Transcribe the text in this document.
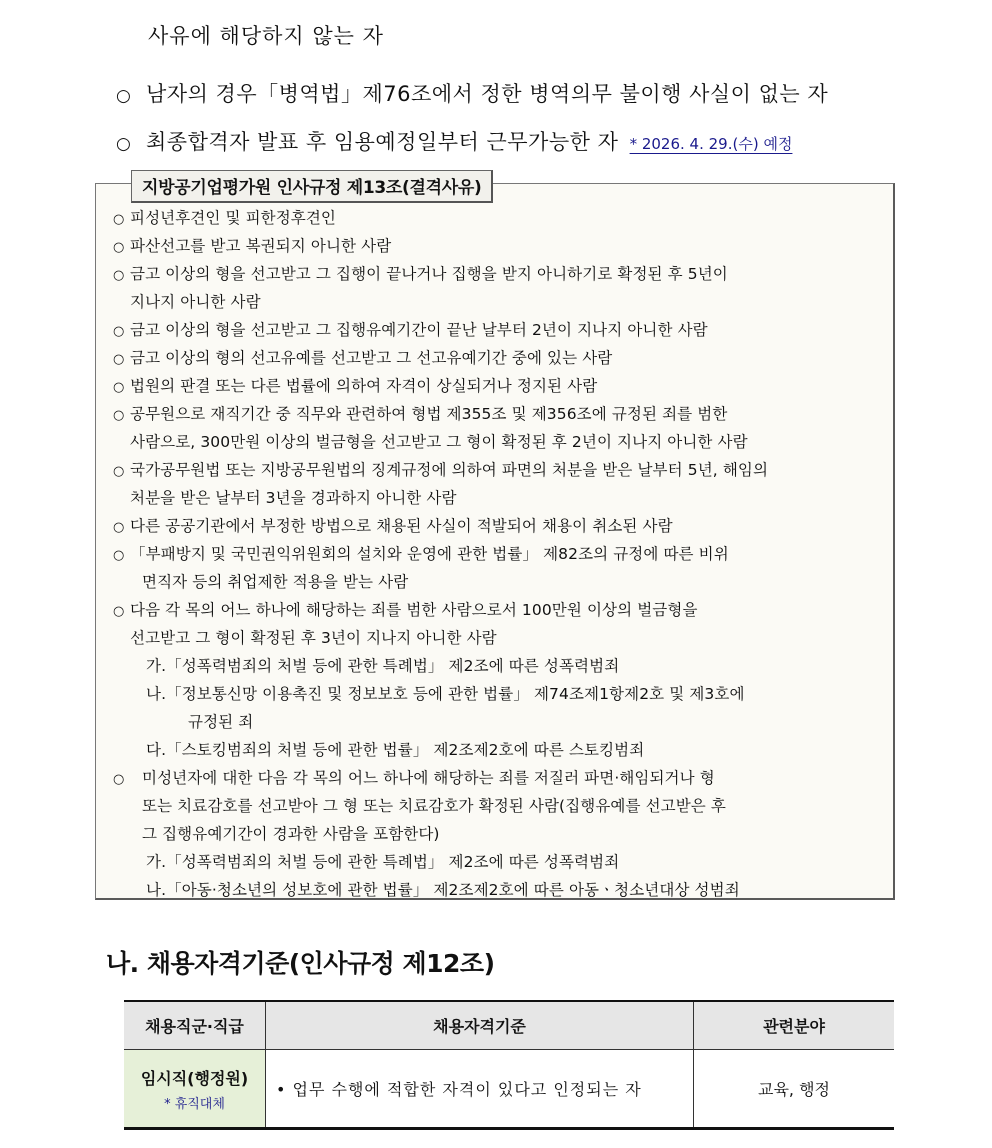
사유에 해당하지 않는 자
○ 남자의 경우「병역법」제76조에서 정한 병역의무 불이행 사실이 없는 자
○ 최종합격자 발표 후 임용예정일부터 근무가능한 자 * 2026. 4. 29.(수) 예정
지방공기업평가원 인사규정 제13조(결격사유)
○ 피성년후견인 및 피한정후견인
○ 파산선고를 받고 복권되지 아니한 사람
○ 금고 이상의 형을 선고받고 그 집행이 끝나거나 집행을 받지 아니하기로 확정된 후 5년이
지나지 아니한 사람
○ 금고 이상의 형을 선고받고 그 집행유예기간이 끝난 날부터 2년이 지나지 아니한 사람
○ 금고 이상의 형의 선고유예를 선고받고 그 선고유예기간 중에 있는 사람
○ 법원의 판결 또는 다른 법률에 의하여 자격이 상실되거나 정지된 사람
○ 공무원으로 재직기간 중 직무와 관련하여 형법 제355조 및 제356조에 규정된 죄를 범한
사람으로, 300만원 이상의 벌금형을 선고받고 그 형이 확정된 후 2년이 지나지 아니한 사람
○ 국가공무원법 또는 지방공무원법의 징계규정에 의하여 파면의 처분을 받은 날부터 5년, 해임의
처분을 받은 날부터 3년을 경과하지 아니한 사람
○ 다른 공공기관에서 부정한 방법으로 채용된 사실이 적발되어 채용이 취소된 사람
○ 「부패방지 및 국민권익위원회의 설치와 운영에 관한 법률」 제82조의 규정에 따른 비위
면직자 등의 취업제한 적용을 받는 사람
○ 다음 각 목의 어느 하나에 해당하는 죄를 범한 사람으로서 100만원 이상의 벌금형을
선고받고 그 형이 확정된 후 3년이 지나지 아니한 사람
가.「성폭력범죄의 처벌 등에 관한 특례법」 제2조에 따른 성폭력범죄
나.「정보통신망 이용촉진 및 정보보호 등에 관한 법률」 제74조제1항제2호 및 제3호에
규정된 죄
다.「스토킹범죄의 처벌 등에 관한 법률」 제2조제2호에 따른 스토킹범죄
○ 미성년자에 대한 다음 각 목의 어느 하나에 해당하는 죄를 저질러 파면·해임되거나 형
또는 치료감호를 선고받아 그 형 또는 치료감호가 확정된 사람(집행유예를 선고받은 후
그 집행유예기간이 경과한 사람을 포함한다)
가.「성폭력범죄의 처벌 등에 관한 특례법」 제2조에 따른 성폭력범죄
나.「아동·청소년의 성보호에 관한 법률」 제2조제2호에 따른 아동ㆍ청소년대상 성범죄
나. 채용자격기준(인사규정 제12조)
채용직군·직급	채용자격기준	관련분야

임시직(행정원)
* 휴직대체	• 업무 수행에 적합한 자격이 있다고 인정되는 자	교육, 행정
